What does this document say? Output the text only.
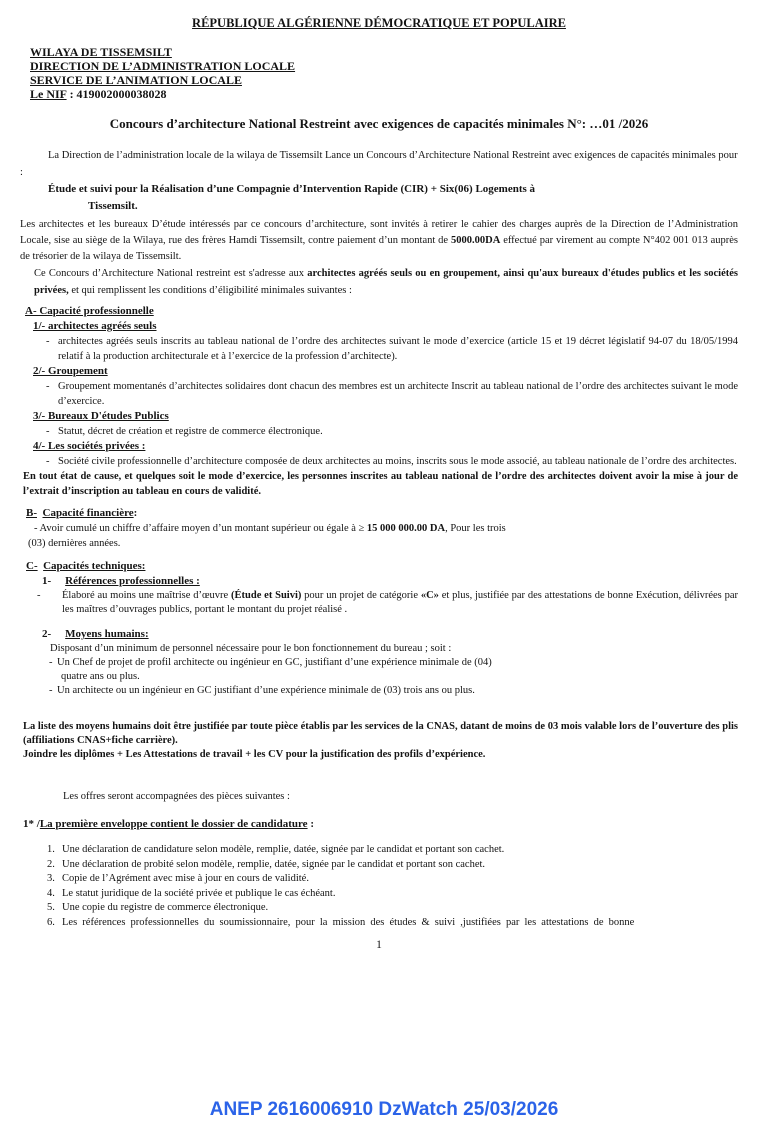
RÉPUBLIQUE ALGÉRIENNE DÉMOCRATIQUE ET POPULAIRE

WILAYA DE TISSEMSILT

DIRECTION DE L’ADMINISTRATION LOCALE

SERVICE DE L’ANIMATION LOCALE

Le NIF : 419002000038028

Concours d’architecture National Restreint avec exigences de capacités minimales N°: …01 /2026

La Direction de l’administration locale de la wilaya de Tissemsilt Lance un Concours d’Architecture National Restreint avec exigences de capacités minimales pour :

Étude et suivi pour la Réalisation d’une Compagnie d’Intervention Rapide (CIR) + Six(06) Logements à
Tissemsilt.

Les architectes et les bureaux D’étude intéressés par ce concours d’architecture, sont invités à retirer le cahier des charges auprès de la Direction de l’Administration Locale, sise au siège de la Wilaya, rue des frères Hamdi Tissemsilt, contre paiement d’un montant de 5000.00DA effectué par virement au compte N°402 001 013 auprès de trésorier de la wilaya de Tissemsilt.

Ce Concours d’Architecture National restreint est s'adresse aux architectes agréés seuls ou en groupement, ainsi qu'aux bureaux d'études publics et les sociétés privées, et qui remplissent les conditions d’éligibilité minimales suivantes :

A- Capacité professionnelle

1/- architectes agréés seuls

- architectes agréés seuls inscrits au tableau national de l’ordre des architectes suivant le mode d’exercice (article 15 et 19 décret législatif 94-07 du 18/05/1994 relatif à la production architecturale et à l’exercice de la profession d’architecte).

2/- Groupement

- Groupement momentanés d’architectes solidaires dont chacun des membres est un architecte Inscrit au tableau national de l’ordre des architectes suivant le mode d’exercice.

3/- Bureaux D'études Publics

- Statut, décret de création et registre de commerce électronique.

4/- Les sociétés privées :

- Société civile professionnelle d’architecture composée de deux architectes au moins, inscrits sous le mode associé, au tableau nationale de l’ordre des architectes.

En tout état de cause, et quelques soit le mode d’exercice, les personnes inscrites au tableau national de l’ordre des architectes doivent avoir la mise à jour de l’extrait d’inscription au tableau en cours de validité.

B- Capacité financière:

- Avoir cumulé un chiffre d’affaire moyen d’un montant supérieur ou égale à ≥ 15 000 000.00 DA, Pour les trois

(03) dernières années.

C- Capacités techniques:

1- Références professionnelles :

-	Élaboré au moins une maîtrise d’œuvre (Étude et Suivi) pour un projet de catégorie «C» et plus, justifiée par des attestations de bonne Exécution, délivrées par les maîtres d’ouvrages publics, portant le montant du projet réalisé .

2- Moyens humains:

Disposant d’un minimum de personnel nécessaire pour le bon fonctionnement du bureau ; soit :

- Un Chef de projet de profil architecte ou ingénieur en GC, justifiant d’une expérience minimale de (04)
quatre ans ou plus.
- Un architecte ou un ingénieur en GC justifiant d’une expérience minimale de (03) trois ans ou plus.

La liste des moyens humains doit être justifiée par toute pièce établis par les services de la CNAS, datant de moins de 03 mois valable lors de l’ouverture des plis (affiliations CNAS+fiche carrière).

Joindre les diplômes + Les Attestations de travail + les CV pour la justification des profils d’expérience.

Les offres seront accompagnées des pièces suivantes :

1* /La première enveloppe contient le dossier de candidature :

1. Une déclaration de candidature selon modèle, remplie, datée, signée par le candidat et portant son cachet.
2. Une déclaration de probité selon modèle, remplie, datée, signée par le candidat et portant son cachet.
3. Copie de l’Agrément avec mise à jour en cours de validité.
4. Le statut juridique de la société privée et publique le cas échéant.
5. Une copie du registre de commerce électronique.
6. Les références professionnelles du soumissionnaire, pour la mission des études & suivi ,justifiées par les attestations de bonne

1

ANEP 2616006910 DzWatch 25/03/2026
